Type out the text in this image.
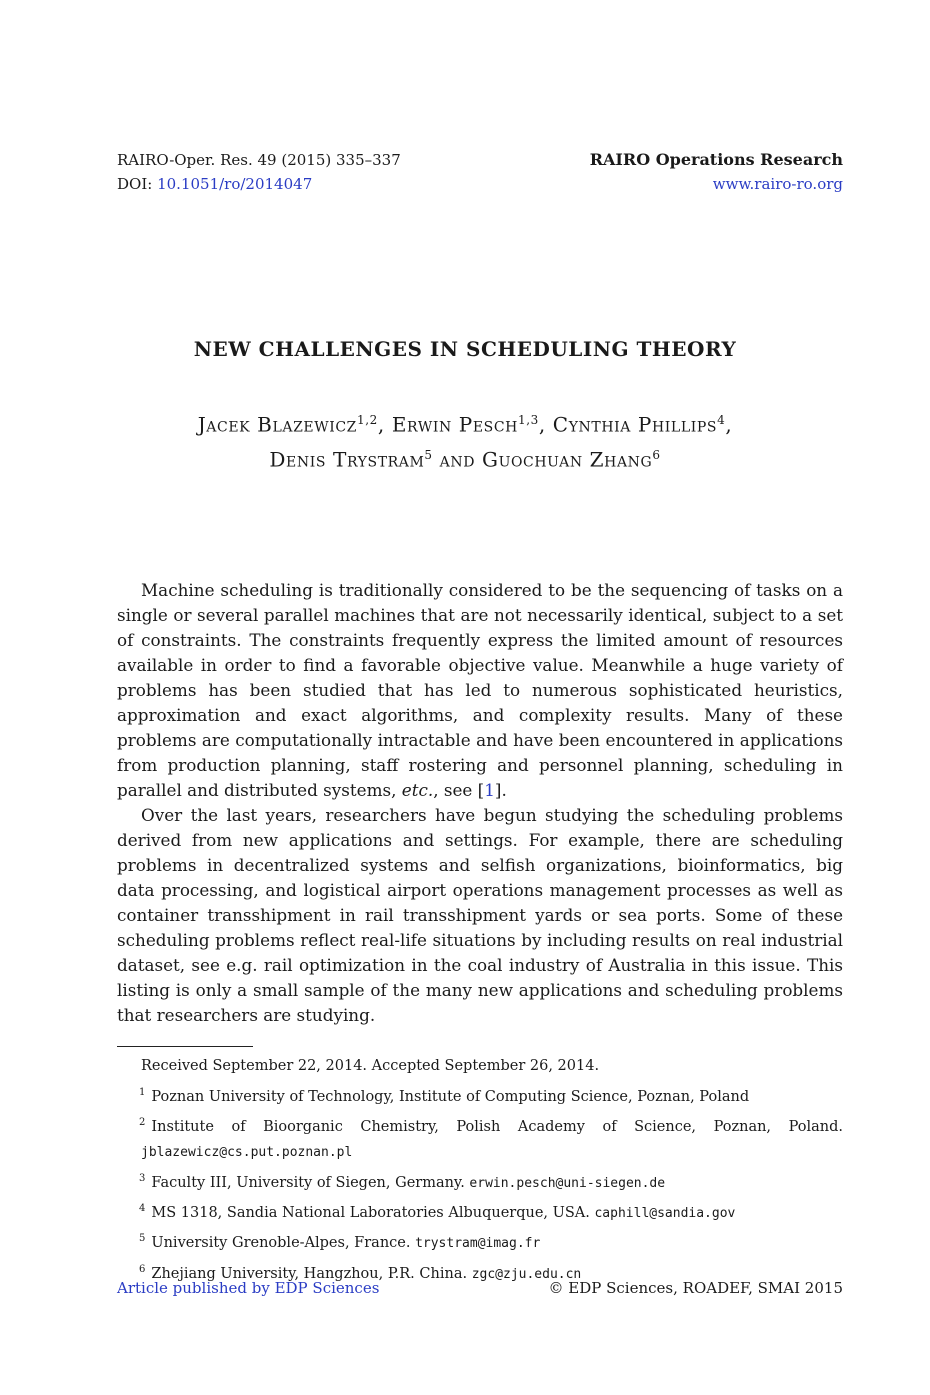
RAIRO-Oper. Res. 49 (2015) 335–337
DOI: 10.1051/ro/2014047
RAIRO Operations Research
www.rairo-ro.org
NEW CHALLENGES IN SCHEDULING THEORY
Jacek Blazewicz$^{1,2}$, Erwin Pesch$^{1,3}$, Cynthia Phillips$^4$,
Denis Trystram$^5$ and Guochuan Zhang$^6$

Machine scheduling is traditionally considered to be the sequencing of tasks on a single or several parallel machines that are not necessarily identical, subject to a set of constraints. The constraints frequently express the limited amount of resources available in order to find a favorable objective value. Meanwhile a huge variety of problems has been studied that has led to numerous sophisticated heuristics, approximation and exact algorithms, and complexity results. Many of these problems are computationally intractable and have been encountered in applications from production planning, staff rostering and personnel planning, scheduling in parallel and distributed systems, etc., see [1].

Over the last years, researchers have begun studying the scheduling problems derived from new applications and settings. For example, there are scheduling problems in decentralized systems and selfish organizations, bioinformatics, big data processing, and logistical airport operations management processes as well as container transshipment in rail transshipment yards or sea ports. Some of these scheduling problems reflect real-life situations by including results on real industrial dataset, see e.g. rail optimization in the coal industry of Australia in this issue. This listing is only a small sample of the many new applications and scheduling problems that researchers are studying.

Received September 22, 2014. Accepted September 26, 2014.
$^1$ Poznan University of Technology, Institute of Computing Science, Poznan, Poland
$^2$ Institute of Bioorganic Chemistry, Polish Academy of Science, Poznan, Poland. jblazewicz@cs.put.poznan.pl
$^3$ Faculty III, University of Siegen, Germany. erwin.pesch@uni-siegen.de
$^4$ MS 1318, Sandia National Laboratories Albuquerque, USA. caphill@sandia.gov
$^5$ University Grenoble-Alpes, France. trystram@imag.fr
$^6$ Zhejiang University, Hangzhou, P.R. China. zgc@zju.edu.cn
Article published by EDP Sciences	© EDP Sciences, ROADEF, SMAI 2015
